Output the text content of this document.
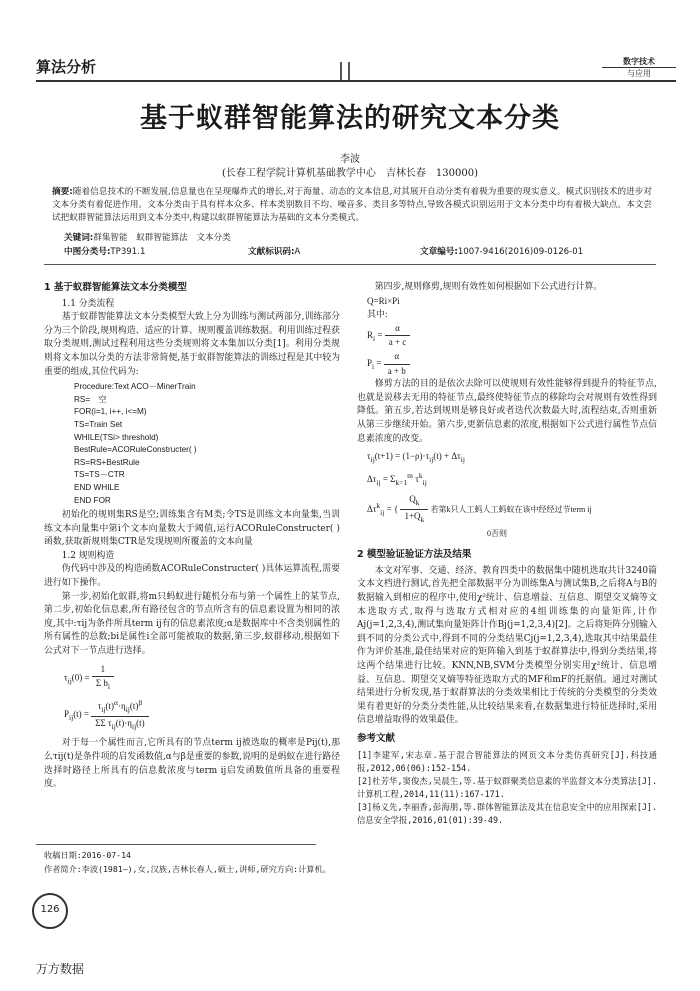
算法分析	数字技术
与应用
基于蚁群智能算法的研究文本分类
李波
(长春工程学院计算机基础教学中心　吉林长春　130000)
摘要:随着信息技术的不断发展,信息量也在呈现爆炸式的增长,对于海量、动态的文本信息,对其展开自动分类有着极为重要的现实意义。模式识别技术的进步对文本分类有着促进作用。文本分类由于具有样本众多、样本类别数目不均、噪音多、类目多等特点,导致各模式识别运用于文本分类中均有着极大缺点。本文尝试把蚁群智能算法运用到文本分类中,构建以蚁群智能算法为基础的文本分类模式。
关键词:群集智能　蚁群智能算法　文本分类
中图分类号:TP391.1	文献标识码:A	文章编号:1007-9416(2016)09-0126-01
1 基于蚁群智能算法文本分类模型
1.1 分类流程

基于蚁群智能算法文本分类模型大致上分为训练与测试两部分,训练部分分为三个阶段,规则构造、适应的计算、规则覆盖训练数据。利用训练过程获取分类规则,测试过程利用这些分类规则将文本集加以分类[1]。利用分类规则将文本加以分类的方法非常简便,基于蚁群智能算法的训练过程是其中较为重要的组成,其位代码为:

Procedure:Text ACO－MinerTrain
RS=　空
FOR(i=1, i++, i<=M)
TS=Train Set
WHILE(TSi> threshold)
BestRule=ACORuleConstructer( )
RS=RS+BestRule
TS=TS－CTR
END WHILE
END FOR

初始化的规则集RS是空;训练集含有M类;令TS是训练文本向量集,当训练文本向量集中第i个文本向量数大于阈值,运行ACORuleConstructer( )函数,获取新规则集CTR是发现规则所覆盖的文本向量

1.2 规则构造

伪代码中涉及的构造函数ACORuleConstructer( )具体运算流程,需要进行如下操作。

第一步,初始化蚁群,将m只蚂蚁进行随机分布与第一个属性上的某节点,第二步,初始化信息素,所有路径包含的节点所含有的信息素设置为相同的浓度,其中:τij为条件所具term ij有的信息素浓度;α是数据库中不含类别属性的所有属性的总数;bi是属性i全部可能被取的数据,第三步,蚁群移动,根据如下公式对下一节点进行选择。

$\tau_{ij}(0) = \frac{1}{\Sigma b_i}$
$P_{ij}(t) = \frac{\tau_{ij}(t)^\alpha\cdot\eta_{ij}(t)^\beta}{\Sigma\Sigma \tau_{ij}(t)\cdot\eta_{ij}(t)}$

对于每一个属性而言,它所具有的节点term ij被选取的概率是Pij(t),那么τij(t)是条件项的启发函数值,α与β是重要的参数,说明的是蚂蚁在进行路径选择时路径上所具有的信息数浓度与term ij启发函数值所具备的重要程度。

第四步,规则修剪,规则有效性如何根据如下公式进行计算。

Q=Ri×Pi
其中:
$R_i = \frac{\alpha}{a + c}$
$P_i = \frac{\alpha}{a + b}$

修剪方法的目的是依次去除可以使规则有效性能够得到提升的特征节点,也就是说移去无用的特征节点,最终使特征节点的移除均会对规则有效性得到降低。第五步,若达到规则是够良好或者迭代次数最大时,流程结束,否则重新从第三步继续开始。第六步,更新信息素的浓度,根据如下公式进行属性节点信息素浓度的改变。

$\tau_{ij}(t+1) = (1-\rho)\cdot\tau_{ij}(t) + \Delta\tau_{ij}$
$\Delta\tau_{ij} = \Sigma_{k=1}^m$ $\tau^k_{ij}$
$\Delta\tau^k_{ij}$ = { $\frac{Q_k}{1+Q_k}$ 若第k只人工蚂人工蚂蚁在该中经经过节term ij
0否则
2 模型验证验证方法及结果

本文对军事、交通、经济、教育四类中的数据集中随机选取共计3240篇文本文档进行测试,首先把全部数据平分为训练集A与测试集B,之后将A与B的数据输入到相应的程序中,使用χ²统计、信息增益、互信息、期望交叉熵等文本选取方式,取得与选取方式相对应的4组训练集的向量矩阵,计作Aj(j=1,2,3,4),测试集向量矩阵计作Bj(j=1,2,3,4)[2]。之后将矩阵分别输入到不同的分类公式中,得到不同的分类结果Cj(j=1,2,3,4),选取其中结果最佳作为评价基准,最佳结果对应的矩阵输入到基于蚁群算法中,得到分类结果,将这两个结果进行比较。KNN,NB,SVM分类模型分别实用χ²统计、信息增益、互信息、期望交叉熵等特征选取方式的MF和mF的托据值。通过对测试结果进行分析发现,基于蚁群算法的分类效果相比于传统的分类模型的分类效果有着更好的分类分类性能,从比较结果来看,在数据集进行特征选择时,采用信息增益取得的效果最佳。

参考文献
[1]李建军,宋志章.基于混合智能算法的网页文本分类仿真研究[J].科技通报,2012,06(06):152-154.
[2]杜芳华,窦俊杰,吴晨生,等.基于蚁群聚类信息素的半监督文本分类算法[J].计算机工程,2014,11(11):167-171.
[3]杨义先,李丽香,彭海朋,等.群体智能算法及其在信息安全中的应用探索[J].信息安全学报,2016,01(01):39-49.
收稿日期:2016-07-14
作者简介:李波(1981—),女,汉族,吉林长春人,硕士,讲师,研究方向:计算机。
126
万方数据
